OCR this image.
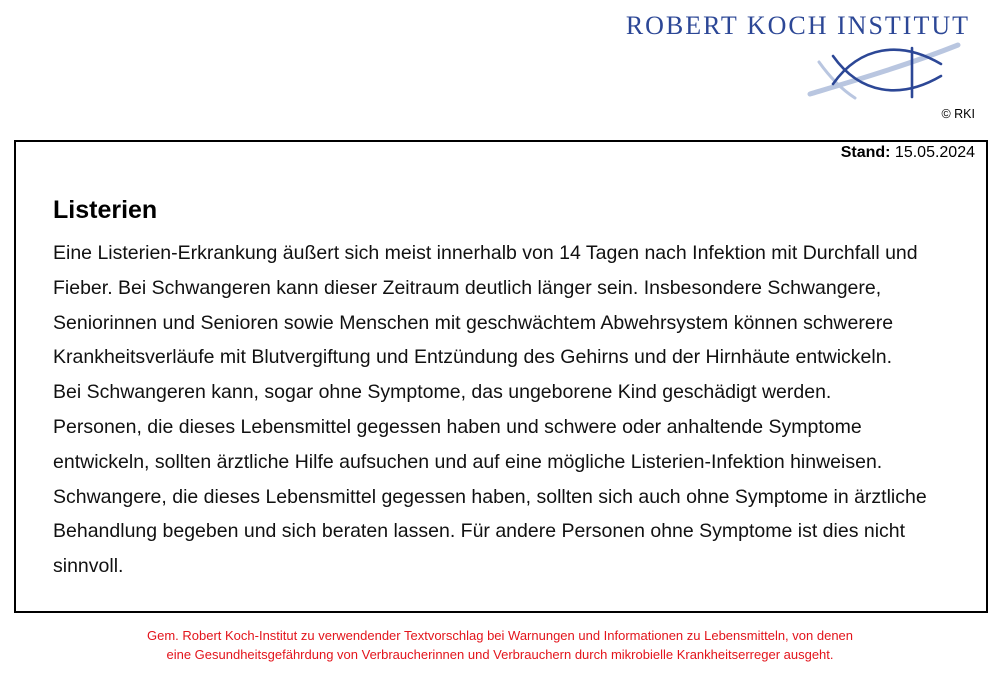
ROBERT KOCH INSTITUT
© RKI
Stand: 15.05.2024
Listerien
Eine Listerien-Erkrankung äußert sich meist innerhalb von 14 Tagen nach Infektion mit Durchfall und
Fieber. Bei Schwangeren kann dieser Zeitraum deutlich länger sein. Insbesondere Schwangere,
Seniorinnen und Senioren sowie Menschen mit geschwächtem Abwehrsystem können schwerere
Krankheitsverläufe mit Blutvergiftung und Entzündung des Gehirns und der Hirnhäute entwickeln.
Bei Schwangeren kann, sogar ohne Symptome, das ungeborene Kind geschädigt werden.
Personen, die dieses Lebensmittel gegessen haben und schwere oder anhaltende Symptome
entwickeln, sollten ärztliche Hilfe aufsuchen und auf eine mögliche Listerien-Infektion hinweisen.
Schwangere, die dieses Lebensmittel gegessen haben, sollten sich auch ohne Symptome in ärztliche
Behandlung begeben und sich beraten lassen. Für andere Personen ohne Symptome ist dies nicht
sinnvoll.
Gem. Robert Koch-Institut zu verwendender Textvorschlag bei Warnungen und Informationen zu Lebensmitteln, von denen
eine Gesundheitsgefährdung von Verbraucherinnen und Verbrauchern durch mikrobielle Krankheitserreger ausgeht.
